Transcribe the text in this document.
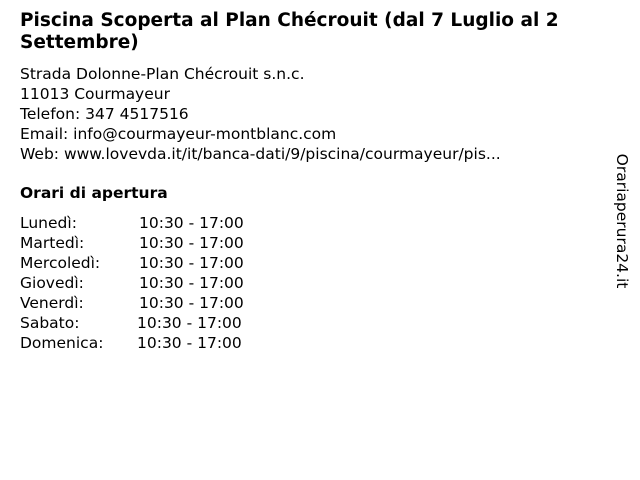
Piscina Scoperta al Plan Chécrouit (dal 7 Luglio al 2 Settembre)
Strada Dolonne-Plan Chécrouit s.n.c.
11013 Courmayeur
Telefon: 347 4517516
Email: info@courmayeur-montblanc.com
Web: www.lovevda.it/it/banca-dati/9/piscina/courmayeur/pis...
Orari di apertura
Lunedì:	10:30 - 17:00
Martedì:	10:30 - 17:00
Mercoledì:	10:30 - 17:00
Giovedì:	10:30 - 17:00
Venerdì:	10:30 - 17:00
Sabato:	10:30 - 17:00
Domenica: 10:30 - 17:00
Orariaperura24.it
